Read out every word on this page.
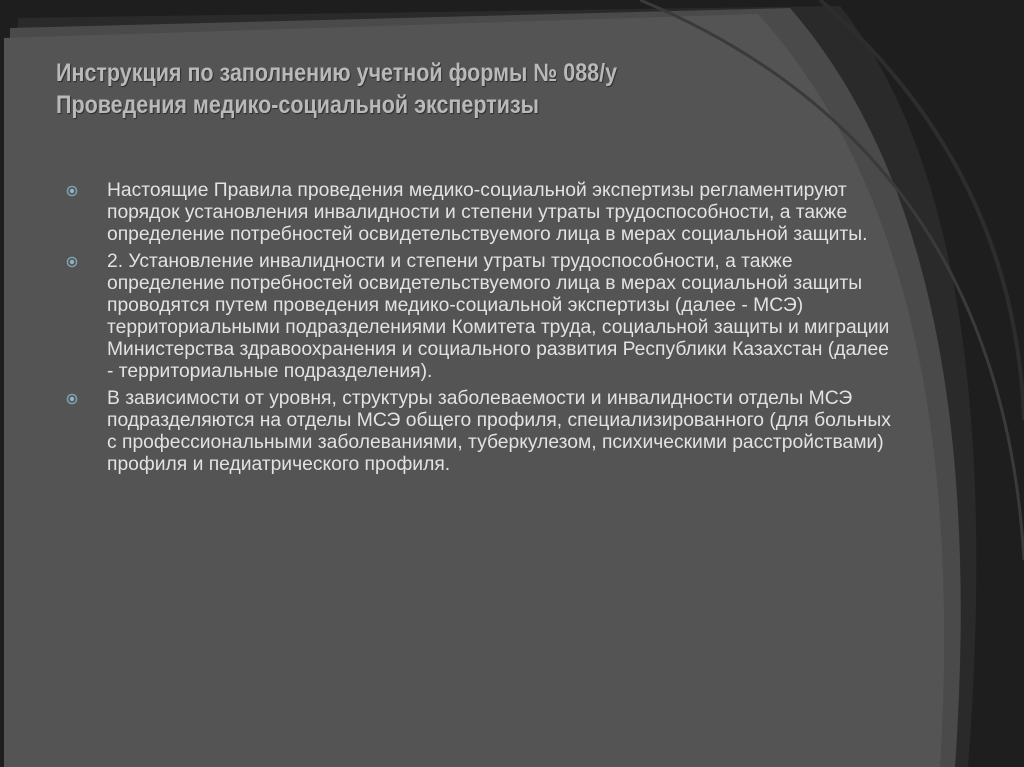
Инструкция по заполнению учетной формы № 088/у
Проведения медико-социальной экспертизы
Настоящие Правила проведения медико-социальной экспертизы регламентируют порядок установления инвалидности и степени утраты трудоспособности, а также определение потребностей освидетельствуемого лица в мерах социальной защиты.
2. Установление инвалидности и степени утраты трудоспособности, а также определение потребностей освидетельствуемого лица в мерах социальной защиты проводятся путем проведения медико-социальной экспертизы (далее - МСЭ) территориальными подразделениями Комитета труда, социальной защиты и миграции Министерства здравоохранения и социального развития Республики Казахстан (далее - территориальные подразделения).
В зависимости от уровня, структуры заболеваемости и инвалидности отделы МСЭ подразделяются на отделы МСЭ общего профиля, специализированного (для больных с профессиональными заболеваниями, туберкулезом, психическими расстройствами) профиля и педиатрического профиля.
